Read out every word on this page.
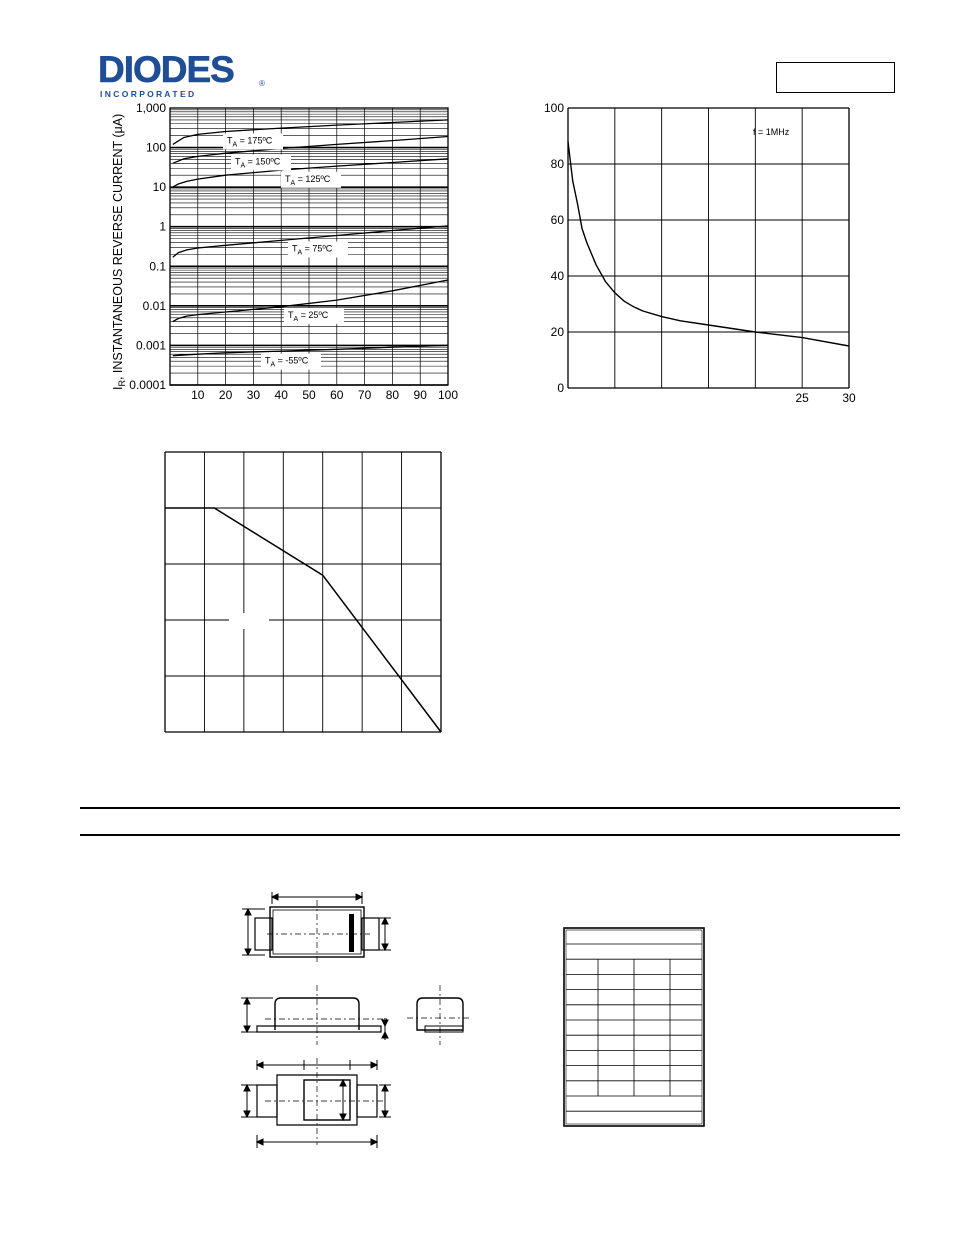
DIODES	®
I N C O R P O R A T E D
10 20 30 40 50 60 70 80 90 100
1,000
100
10
1
0.1
0.01
0.001
0.0001
$T_A$ = 175ºC
$T_A$ = 150ºC
$T_A$ = 125ºC
$T_A$ = 75ºC
$T_A$ = 25ºC
$T_A$ = -55ºC
$I_R$, INSTANTANEOUS REVERSE CURRENT (μA)
0
20
40
60
80
100
25	30
f = 1MHz
